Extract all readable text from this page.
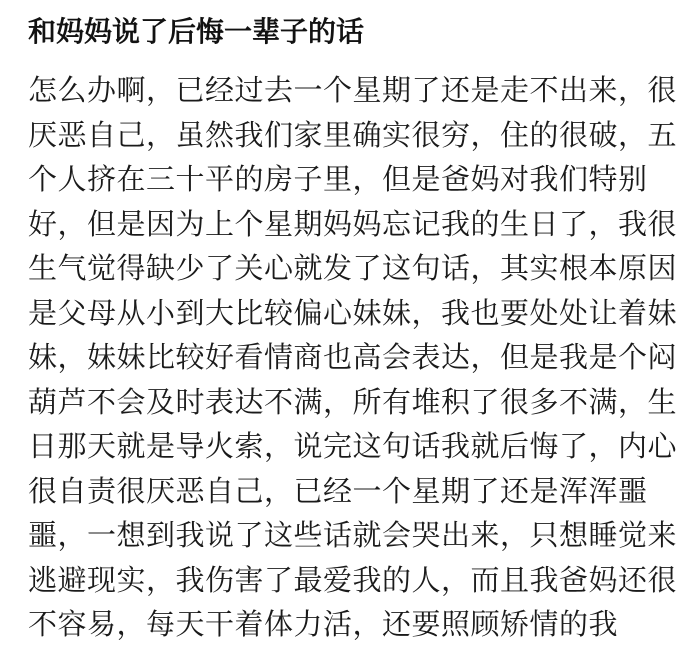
和妈妈说了后悔一辈子的话
怎么办啊，已经过去一个星期了还是走不出来，很
厌恶自己，虽然我们家里确实很穷，住的很破，五
个人挤在三十平的房子里，但是爸妈对我们特别
好，但是因为上个星期妈妈忘记我的生日了，我很
生气觉得缺少了关心就发了这句话，其实根本原因
是父母从小到大比较偏心妹妹，我也要处处让着妹
妹，妹妹比较好看情商也高会表达，但是我是个闷
葫芦不会及时表达不满，所有堆积了很多不满，生
日那天就是导火索，说完这句话我就后悔了，内心
很自责很厌恶自己，已经一个星期了还是浑浑噩
噩，一想到我说了这些话就会哭出来，只想睡觉来
逃避现实，我伤害了最爱我的人，而且我爸妈还很
不容易，每天干着体力活，还要照顾矫情的我
